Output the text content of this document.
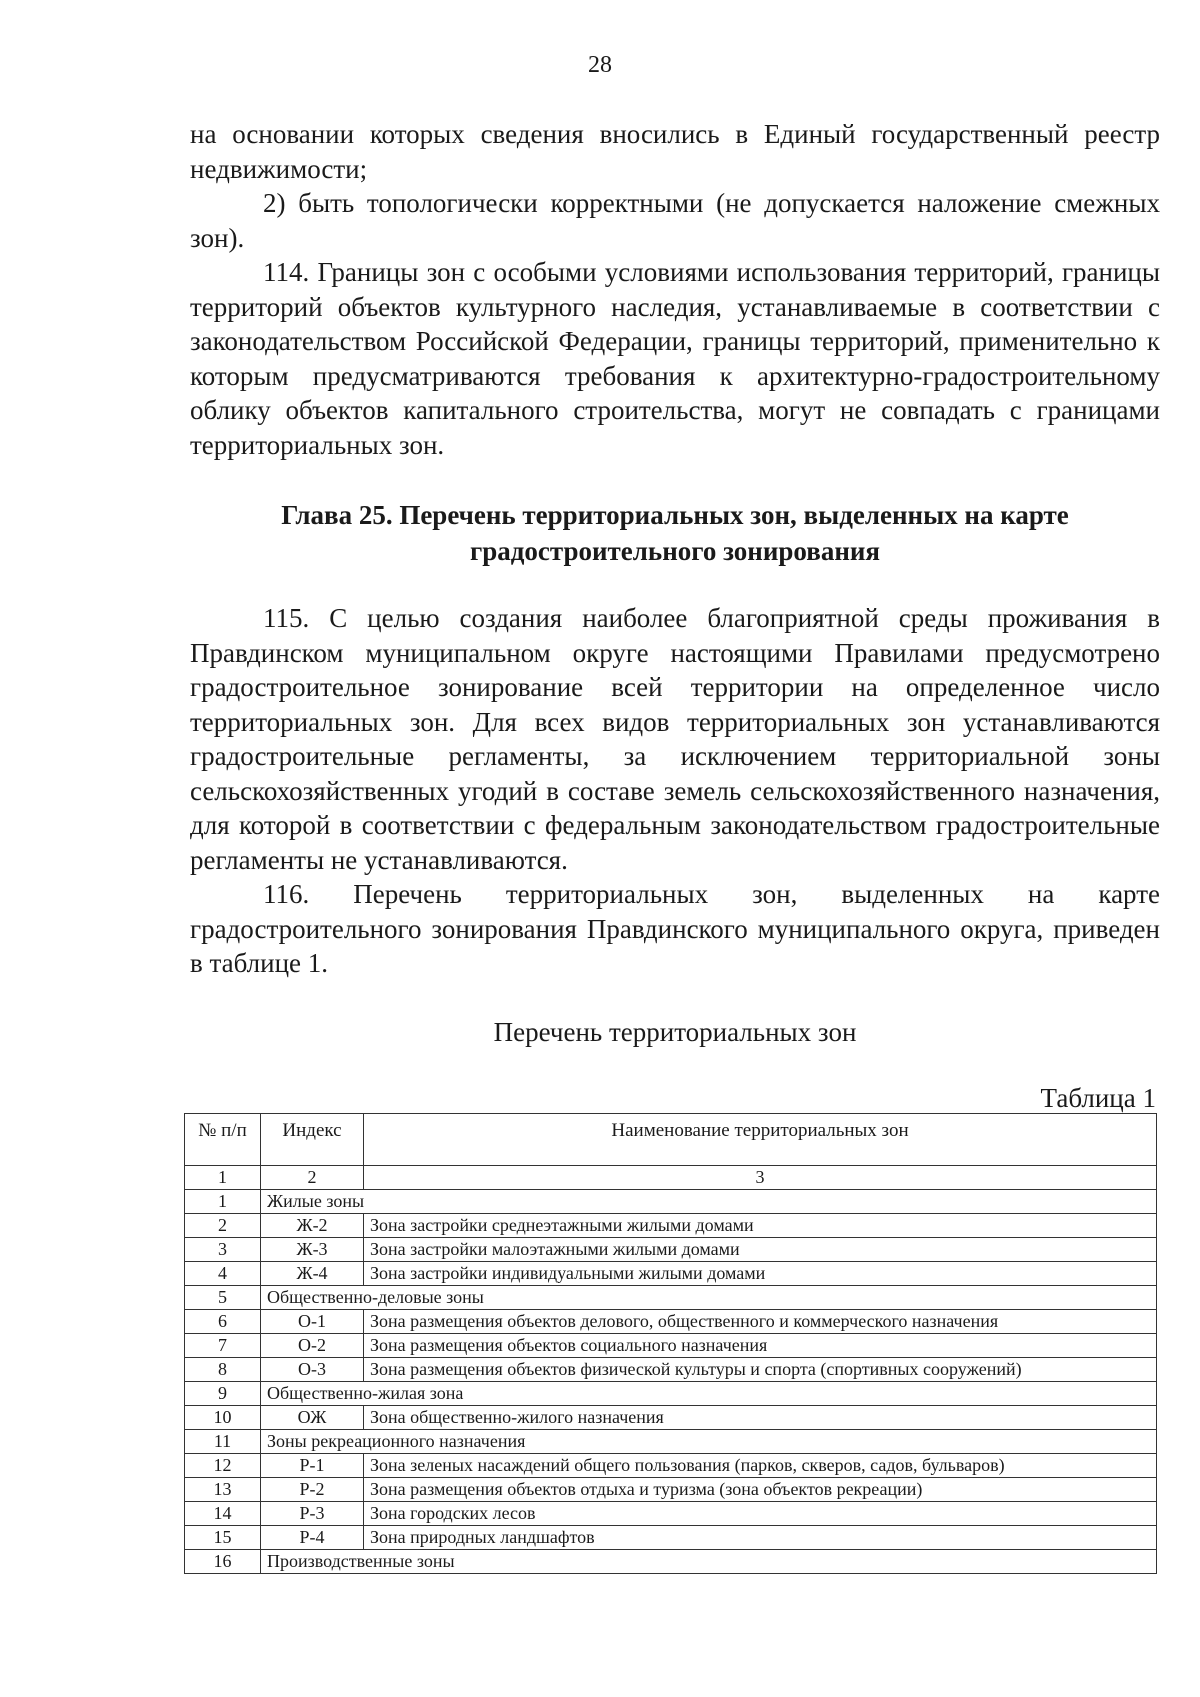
28

на основании которых сведения вносились в Единый государственный реестр недвижимости;

2) быть топологически корректными (не допускается наложение смежных зон).

114. Границы зон с особыми условиями использования территорий, границы территорий объектов культурного наследия, устанавливаемые в соответствии с законодательством Российской Федерации, границы территорий, применительно к которым предусматриваются требования к архитектурно-градостроительному облику объектов капитального строительства, могут не совпадать с границами территориальных зон.

Глава 25. Перечень территориальных зон, выделенных на карте градостроительного зонирования

115. С целью создания наиболее благоприятной среды проживания в Правдинском муниципальном округе настоящими Правилами предусмотрено градостроительное зонирование всей территории на определенное число территориальных зон. Для всех видов территориальных зон устанавливаются градостроительные регламенты, за исключением территориальной зоны сельскохозяйственных угодий в составе земель сельскохозяйственного назначения, для которой в соответствии с федеральным законодательством градостроительные регламенты не устанавливаются.

116. Перечень территориальных зон, выделенных на карте градостроительного зонирования Правдинского муниципального округа, приведен в таблице 1.

Перечень территориальных зон
Таблица 1
№ п/п	Индекс	Наименование территориальных зон
1	2	3
1	Жилые зоны	
2	Ж-2	Зона застройки среднеэтажными жилыми домами
3	Ж-3	Зона застройки малоэтажными жилыми домами
4	Ж-4	Зона застройки индивидуальными жилыми домами
5	Общественно-деловые зоны	
6	О-1	Зона размещения объектов делового, общественного и коммерческого назначения
7	О-2	Зона размещения объектов социального назначения
8	О-3	Зона размещения объектов физической культуры и спорта (спортивных сооружений)
9	Общественно-жилая зона	
10	ОЖ	Зона общественно-жилого назначения
11	Зоны рекреационного назначения	
12	Р-1	Зона зеленых насаждений общего пользования (парков, скверов, садов, бульваров)
13	Р-2	Зона размещения объектов отдыха и туризма (зона объектов рекреации)
14	Р-3	Зона городских лесов
15	Р-4	Зона природных ландшафтов
16	Производственные зоны	
